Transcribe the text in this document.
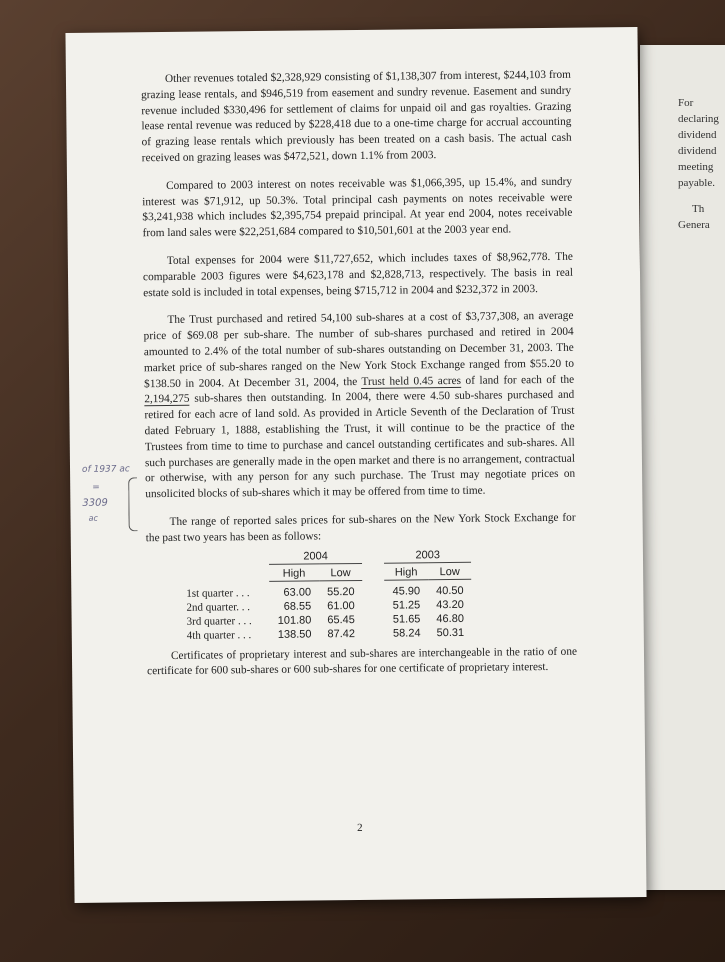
For
declaring
dividend
dividend
meeting
payable.
Th
Genera
of 1937 ac
=
3309
ac

Other revenues totaled $2,328,929 consisting of $1,138,307 from interest, $244,103 from grazing lease rentals, and $946,519 from easement and sundry revenue. Easement and sundry revenue included $330,496 for settlement of claims for unpaid oil and gas royalties. Grazing lease rental revenue was reduced by $228,418 due to a one-time charge for accrual accounting of grazing lease rentals which previously has been treated on a cash basis. The actual cash received on grazing leases was $472,521, down 1.1% from 2003.

Compared to 2003 interest on notes receivable was $1,066,395, up 15.4%, and sundry interest was $71,912, up 50.3%. Total principal cash payments on notes receivable were $3,241,938 which includes $2,395,754 prepaid principal. At year end 2004, notes receivable from land sales were $22,251,684 compared to $10,501,601 at the 2003 year end.

Total expenses for 2004 were $11,727,652, which includes taxes of $8,962,778. The comparable 2003 figures were $4,623,178 and $2,828,713, respectively. The basis in real estate sold is included in total expenses, being $715,712 in 2004 and $232,372 in 2003.

The Trust purchased and retired 54,100 sub-shares at a cost of $3,737,308, an average price of $69.08 per sub-share. The number of sub-shares purchased and retired in 2004 amounted to 2.4% of the total number of sub-shares outstanding on December 31, 2003. The market price of sub-shares ranged on the New York Stock Exchange ranged from $55.20 to $138.50 in 2004. At December 31, 2004, the Trust held 0.45 acres of land for each of the 2,194,275 sub-shares then outstanding. In 2004, there were 4.50 sub-shares purchased and retired for each acre of land sold. As provided in Article Seventh of the Declaration of Trust dated February 1, 1888, establishing the Trust, it will continue to be the practice of the Trustees from time to time to purchase and cancel outstanding certificates and sub-shares. All such purchases are generally made in the open market and there is no arrangement, contractual or otherwise, with any person for any such purchase. The Trust may negotiate prices on unsolicited blocks of sub-shares which it may be offered from time to time.

The range of reported sales prices for sub-shares on the New York Stock Exchange for the past two years has been as follows:

	2004			2003	
	High	Low		High	Low

1st quarter . . .	63.00	55.20		45.90	40.50
2nd quarter. . .	68.55	61.00		51.25	43.20
3rd quarter . . .	101.80	65.45		51.65	46.80
4th quarter . . .	138.50	87.42		58.24	50.31

Certificates of proprietary interest and sub-shares are interchangeable in the ratio of one certificate for 600 sub-shares or 600 sub-shares for one certificate of proprietary interest.

2
